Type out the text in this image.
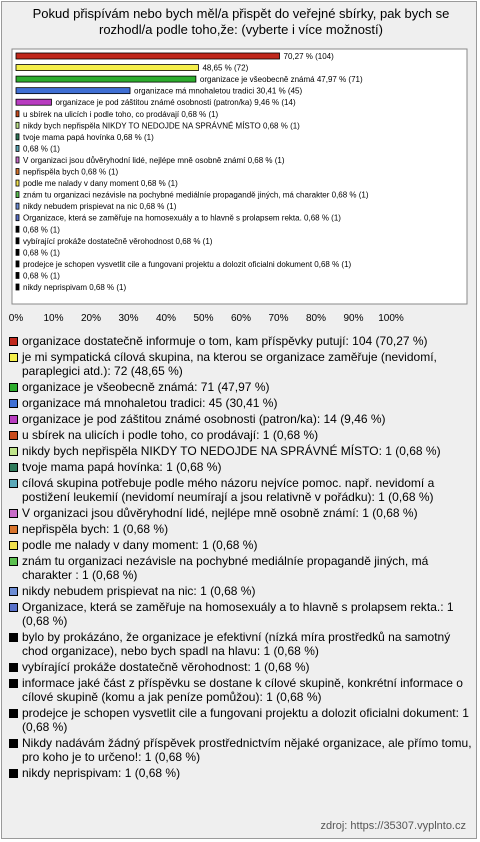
Pokud přispívám nebo bych měl/a přispět do veřejné sbírky, pak bych se rozhodl/a podle toho,že: (vyberte i více možností)
70,27 % (104)
48,65 % (72)
organizace je všeobecně známá 47,97 % (71)
organizace má mnohaletou tradici 30,41 % (45)
organizace je pod záštitou známé osobnosti (patron/ka) 9,46 % (14)
u sbírek na ulicích i podle toho, co prodávají 0,68 % (1)
nikdy bych nepřispěla NIKDY TO NEDOJDE NA SPRÁVNÉ MÍSTO 0,68 % (1)
tvoje mama papá hovínka 0,68 % (1)
0,68 % (1)
V organizaci jsou důvěryhodní lidé, nejlépe mně osobně známí 0,68 % (1)
nepřispěla bych 0,68 % (1)
podle me nalady v dany moment 0,68 % (1)
znám tu organizaci nezávisle na pochybné mediálníe propagandě jiných, má charakter 0,68 % (1)
nikdy nebudem prispievat na nic 0,68 % (1)
Organizace, která se zaměřuje na homosexuály a to hlavně s prolapsem rekta. 0,68 % (1)
0,68 % (1)
vybírající prokáže dostatečně věrohodnost 0,68 % (1)
0,68 % (1)
prodejce je schopen vysvetlit cile a fungovani projektu a dolozit oficialni dokument 0,68 % (1)
0,68 % (1)
nikdy neprispivam 0,68 % (1)
0% 10% 20% 30% 40% 50% 60% 70% 80% 90% 100%
organizace dostatečně informuje o tom, kam příspěvky putují: 104 (70,27 %)
je mi sympatická cílová skupina, na kterou se organizace zaměřuje (nevidomí, paraplegici atd.): 72 (48,65 %)
organizace je všeobecně známá: 71 (47,97 %)
organizace má mnohaletou tradici: 45 (30,41 %)
organizace je pod záštitou známé osobnosti (patron/ka): 14 (9,46 %)
u sbírek na ulicích i podle toho, co prodávají: 1 (0,68 %)
nikdy bych nepřispěla NIKDY TO NEDOJDE NA SPRÁVNÉ MÍSTO: 1 (0,68 %)
tvoje mama papá hovínka: 1 (0,68 %)
cílová skupina potřebuje podle mého názoru nejvíce pomoc. např. nevidomí a postižení leukemií (nevidomí neumírají a jsou relativně v pořádku): 1 (0,68 %)
V organizaci jsou důvěryhodní lidé, nejlépe mně osobně známí: 1 (0,68 %)
nepřispěla bych: 1 (0,68 %)
podle me nalady v dany moment: 1 (0,68 %)
znám tu organizaci nezávisle na pochybné mediálníe propagandě jiných, má charakter : 1 (0,68 %)
nikdy nebudem prispievat na nic: 1 (0,68 %)
Organizace, která se zaměřuje na homosexuály a to hlavně s prolapsem rekta.: 1 (0,68 %)
bylo by prokázáno, že organizace je efektivní (nízká míra prostředků na samotný chod organizace), nebo bych spadl na hlavu: 1 (0,68 %)
vybírající prokáže dostatečně věrohodnost: 1 (0,68 %)
informace jaké část z příspěvku se dostane k cílové skupině, konkrétní informace o cílové skupině (komu a jak peníze pomůžou): 1 (0,68 %)
prodejce je schopen vysvetlit cile a fungovani projektu a dolozit oficialni dokument: 1 (0,68 %)
Nikdy nadávám žádný příspěvek prostřednictvím nějaké organizace, ale přímo tomu, pro koho je to určeno!: 1 (0,68 %)
nikdy neprispivam: 1 (0,68 %)
zdroj: https://35307.vyplnto.cz
